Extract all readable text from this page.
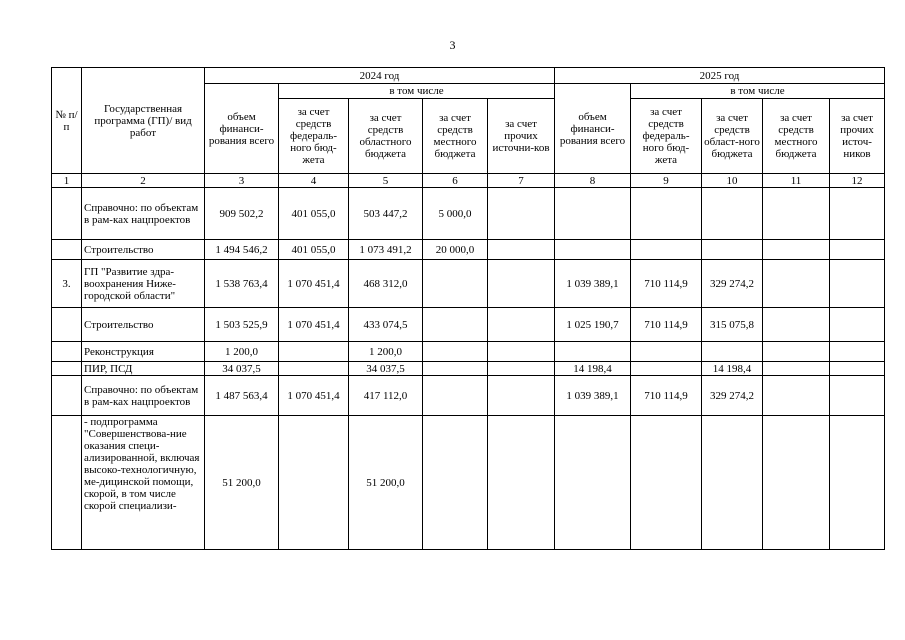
3
№ п/п	Государственная программа (ГП)/ вид работ	2024 год					2025 год				
		объем финанси-рования всего	в том числе				объем финанси-рования всего	в том числе			
			за счет средств федераль-ного бюд-жета	за счет средств областного бюджета	за счет средств местного бюджета	за счет прочих источни-ков		за счет средств федераль-ного бюд-жета	за счет средств област-ного бюджета	за счет средств местного бюджета	за счет прочих источ-ников
1	2	3	4	5	6	7	8	9	10	11	12
	Справочно: по объектам в рам-ках нацпроектов	909 502,2	401 055,0	503 447,2	5 000,0						
	Строительство	1 494 546,2	401 055,0	1 073 491,2	20 000,0						
3.	ГП "Развитие здра-воохранения Ниже-городской области"	1 538 763,4	1 070 451,4	468 312,0			1 039 389,1	710 114,9	329 274,2		
	Строительство	1 503 525,9	1 070 451,4	433 074,5			1 025 190,7	710 114,9	315 075,8		
	Реконструкция	1 200,0		1 200,0							
	ПИР, ПСД	34 037,5		34 037,5			14 198,4		14 198,4		
	Справочно: по объектам в рам-ках нацпроектов	1 487 563,4	1 070 451,4	417 112,0			1 039 389,1	710 114,9	329 274,2		
	- подпрограмма "Совершенствова-ние оказания специ-ализированной, включая высоко-технологичную, ме-дицинской помощи, скорой, в том числе скорой специализи-	51 200,0		51 200,0							
